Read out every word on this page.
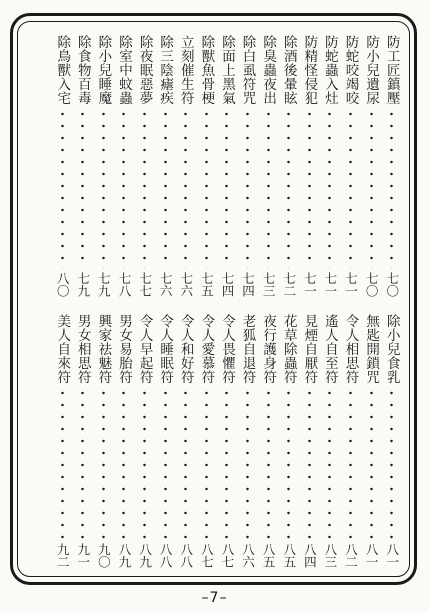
防工匠鎮壓
七〇
防小兒遺尿
七〇
防蛇咬竭咬
七一
防蛇蟲入灶
七一
防精怪侵犯
七一
除酒後暈眩
七二
除臭蟲夜出
七三
除白虱符咒
七四
除面上黑氣
七四
除獸魚骨梗
七五
立刻催生符
七六
除三陰瘧疾
七六
除夜眠惡夢
七七
除室中蚊蟲
七八
除小兒睡魔
七九
除食物百毒
七九
除鳥獸入宅
八〇
除小兒食乳
八一
無匙開鎖咒
八一
令人相思符
八二
遙人自至符
八三
見煙自厭符
八四
花草除蟲符
八五
夜行護身符
八五
老狐自退符
八六
令人畏懼符
八七
令人愛慕符
八七
令人和好符
八八
令人睡眠符
八八
令人早起符
八九
男女易胎符
八九
興家祛魅符
九〇
男女相思符
九一
美人自來符
九二
–7–
